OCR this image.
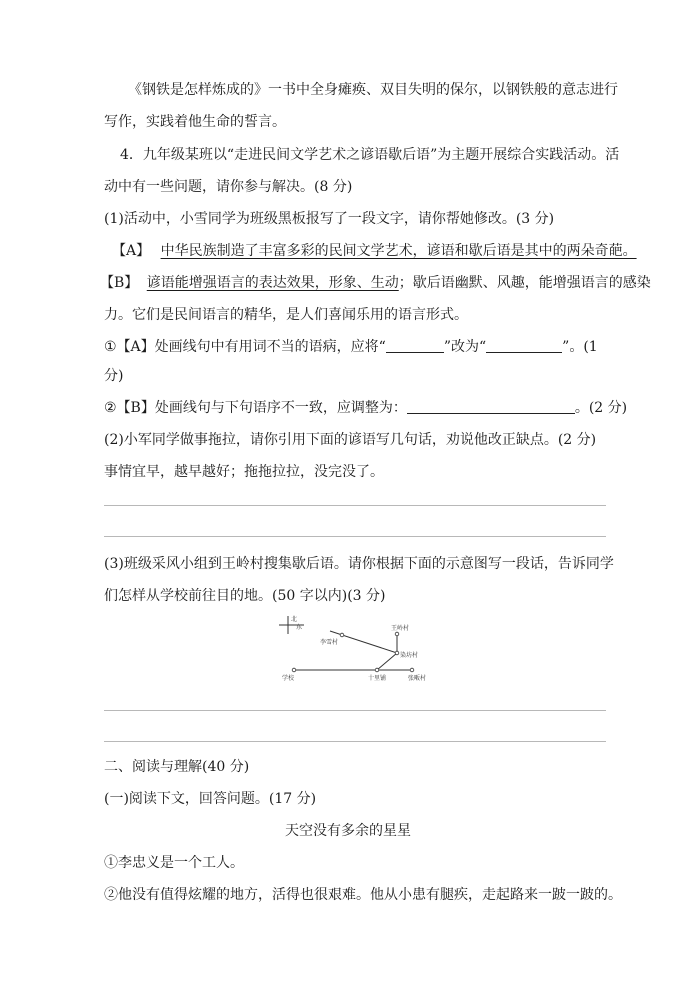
《钢铁是怎样炼成的》一书中全身瘫痪、双目失明的保尔，以钢铁般的意志进行
写作，实践着他生命的誓言。
4．九年级某班以“走进民间文学艺术之谚语歇后语”为主题开展综合实践活动。活
动中有一些问题，请你参与解决。(8 分)
(1)活动中，小雪同学为班级黑板报写了一段文字，请你帮她修改。(3 分)
【A】 中华民族制造了丰富多彩的民间文学艺术，谚语和歇后语是其中的两朵奇葩。
【B】 谚语能增强语言的表达效果，形象、生动；歇后语幽默、风趣，能增强语言的感染
力。它们是民间语言的精华，是人们喜闻乐用的语言形式。
①【A】处画线句中有用词不当的语病，应将“	”改为“	”。(1
分)
②【B】处画线句与下句语序不一致，应调整为：	。(2 分)
(2)小军同学做事拖拉，请你引用下面的谚语写几句话，劝说他改正缺点。(2 分)
事情宜早，越早越好；拖拖拉拉，没完没了。
(3)班级采风小组到王岭村搜集歇后语。请你根据下面的示意图写一段话，告诉同学
们怎样从学校前往目的地。(50 字以内)(3 分)
北
东	王岭村
李雪村
染坊村
学校	十里铺	张畈村
二、阅读与理解(40 分)
(一)阅读下文，回答问题。(17 分)
天空没有多余的星星
①李忠义是一个工人。
②他没有值得炫耀的地方，活得也很艰难。他从小患有腿疾，走起路来一跛一跛的。
